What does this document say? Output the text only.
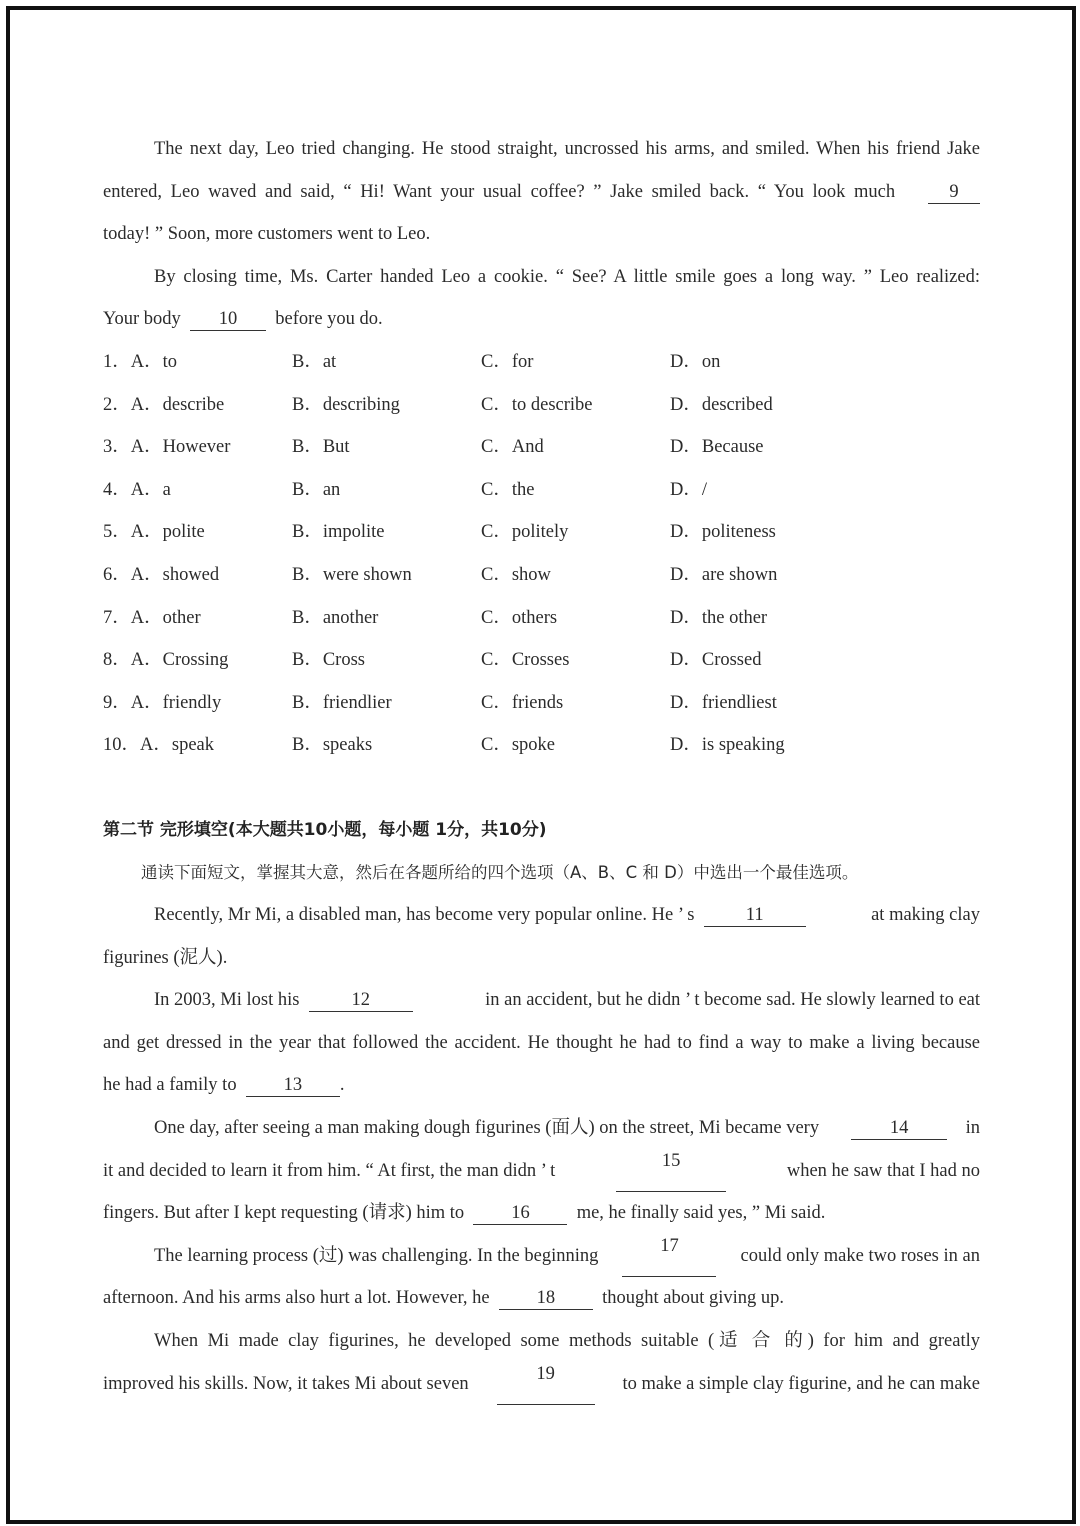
The next day, Leo tried changing. He stood straight, uncrossed his arms, and smiled. When his friend Jake

entered, Leo waved and said, “ Hi! Want your usual coffee? ” Jake smiled back. “ You look much	9

today! ” Soon, more customers went to Leo.

By closing time, Ms. Carter handed Leo a cookie. “ See? A little smile goes a long way. ” Leo realized:

Your body 10 before you do.

1．A．to	B．at	C．for	D．on
2．A．describe	B．describing	C．to describe	D．described
3．A．However	B．But	C．And	D．Because
4．A．a	B．an	C．the	D．/
5．A．polite	B．impolite	C．politely	D．politeness
6．A．showed	B．were shown	C．show	D．are shown
7．A．other	B．another	C．others	D．the other
8．A．Crossing	B．Cross	C．Crosses	D．Crossed
9．A．friendly	B．friendlier	C．friends	D．friendliest
10．A．speak	B．speaks	C．spoke	D．is speaking

第二节 完形填空(本大题共10小题，每小题 1分，共10分)

通读下面短文，掌握其大意，然后在各题所给的四个选项（A、B、C 和 D）中选出一个最佳选项。

Recently, Mr Mi, a disabled man, has become very popular online. He ’ s	11	at making clay

figurines (泥人).

In 2003, Mi lost his	12	in an accident, but he didn ’ t become sad. He slowly learned to eat

and get dressed in the year that followed the accident. He thought he had to find a way to make a living because

he had a family to	13 .

One day, after seeing a man making dough figurines (面人) on the street, Mi became very	14	in

it and decided to learn it from him. “ At first, the man didn ’ t	15	when he saw that I had no

fingers. But after I kept requesting (请求) him to	16	me, he finally said yes, ” Mi said.

The learning process (过) was challenging. In the beginning	17	could only make two roses in an

afternoon. And his arms also hurt a lot. However, he	18	thought about giving up.

When Mi made clay figurines, he developed some methods suitable (适 合 的) for him and greatly

improved his skills. Now, it takes Mi about seven	19	to make a simple clay figurine, and he can make
